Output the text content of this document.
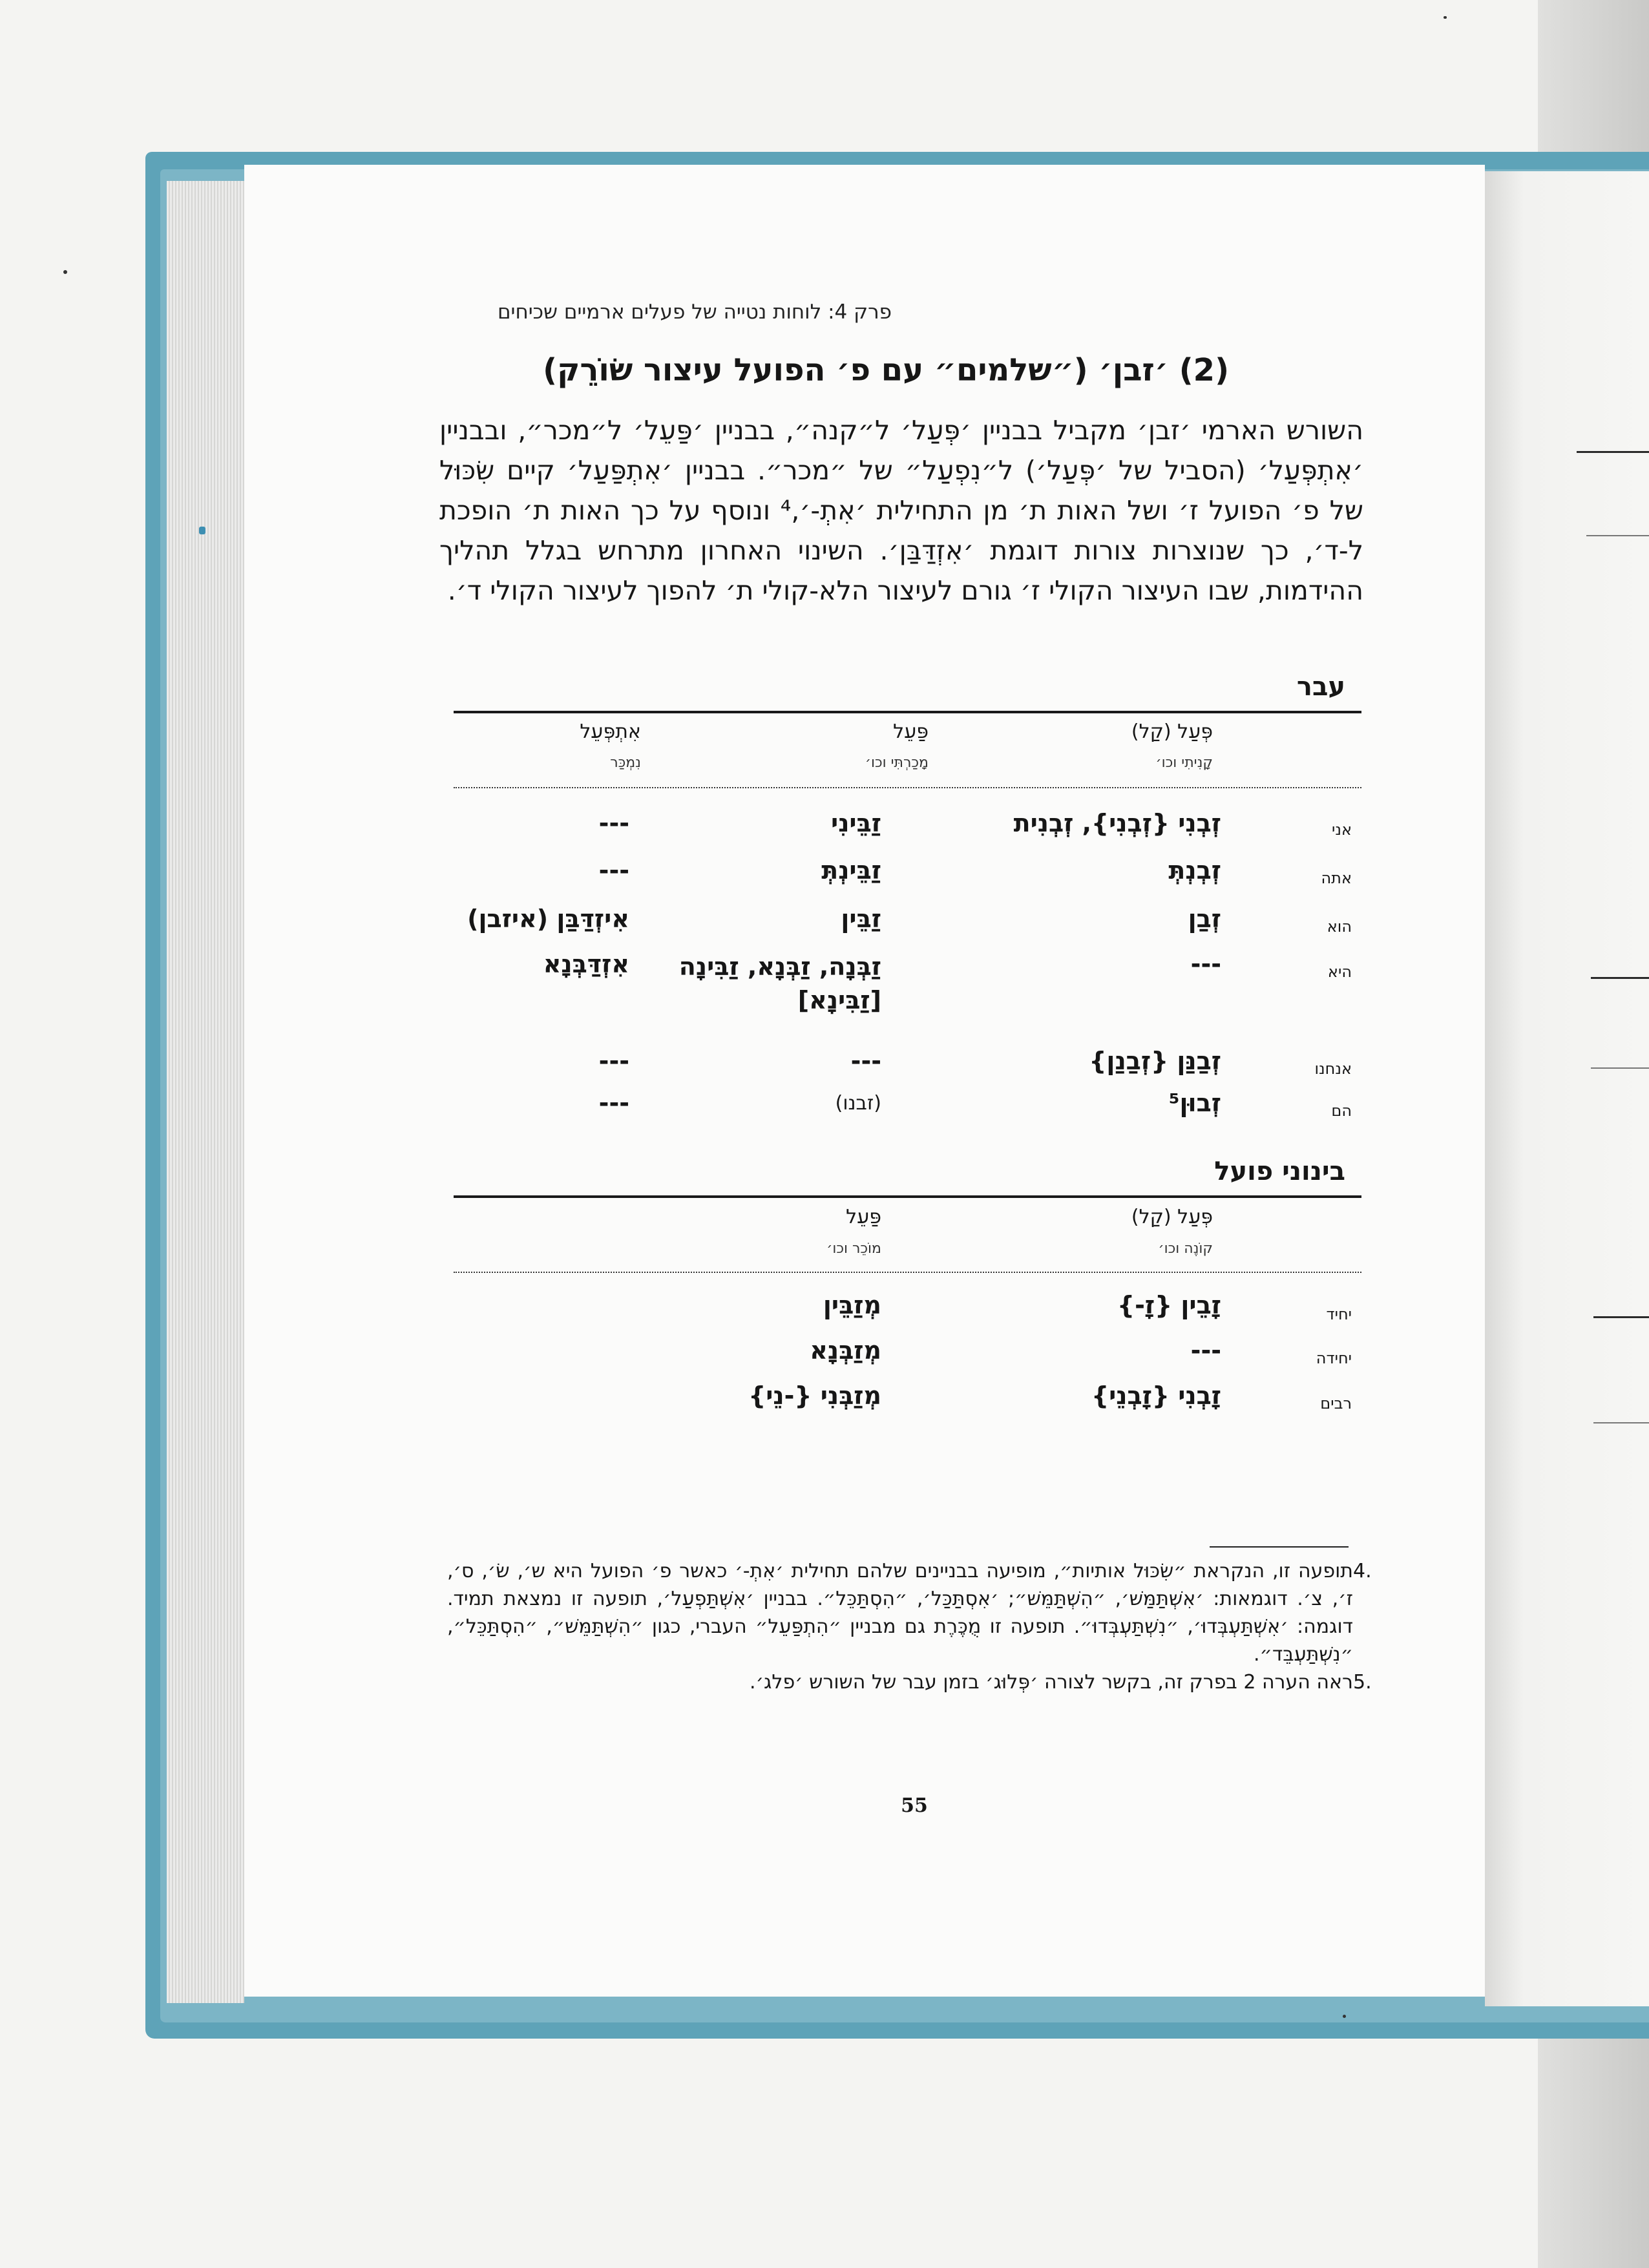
פרק 4: לוחות נטייה של פעלים ארמיים שכיחים
(2) ׳זבן׳ (״שלמים״ עם פ׳ הפועל עיצור שׂוֹרֵק)

השורש הארמי ׳זבן׳ מקביל בבניין ׳פְּעַל׳ ל״קנה״, בבניין ׳פַּעֵל׳ ל״מכר״, ובבניין ׳אִתְפְּעַל׳ (הסביל של ׳פְּעַל׳) ל״נִפְעַל״ של ״מכר״. בבניין ׳אִתְפַּעַל׳ קיים שִׂכּוּל של פ׳ הפועל ז׳ ושל האות ת׳ מן התחילית ׳אִתְ-׳,⁴ ונוסף על כך האות ת׳ הופכת ל-ד׳, כך שנוצרות צורות דוגמת ׳אִזְדַּבַּן׳. השינוי האחרון מתרחש בגלל תהליך ההידמות, שבו העיצור הקולי ז׳ גורם לעיצור הלא-קולי ת׳ להפוך לעיצור הקולי ד׳.

עבר
פְּעַל (קַל)
קָנִיתִי וכו׳
פַּעֵל
מָכַרְתִּי וכו׳
אִתְפְּעֵל
נִמְכַּר
אני
זְבְנִי {זְבְנִי}, זְבְנִית
זַבֵּינִי
---
אתה
זְבְנְתְּ
זַבֵּינְתְּ
---
הוא
זְבַן
זַבֵּין
אִיזְדַּבַּן (איזבן)
היא
---
זַבְּנָה, זַבְּנָא, זַבִּינָה [זַבִּינָא]
אִזְדַּבְּנָא
אנחנו
זְבַנַּן {זְבַנַן}
---
---
הם
זְבוּן⁵
(זבנו)
---
בינוני פועל
פְּעַל (קַל)
קוֹנֶה וכו׳
פַּעֵל
מוֹכֵר וכו׳
יחיד
זָבֵין {זָ-}
מְזַבֵּין
יחידה
---
מְזַבְּנָא
רבים
זָבְנִי {זָבְנֵי}
מְזַבְּנִי {-נֵי}
4.
תופעה זו, הנקראת ״שִׂכּוּל אותיות״, מופיעה בבניינים שלהם תחילית ׳אִתְ-׳ כאשר פ׳ הפועל היא ש׳, שׂ׳, ס׳, ז׳, צ׳. דוגמאות: ׳אִשְׁתַּמַּשׁ׳, ״הִשְׁתַּמֵּשׁ״; ׳אִסְתַּכַּל׳, ״הִסְתַּכֵּל״. בבניין ׳אִשְׁתַּפְעַל׳, תופעה זו נמצאת תמיד. דוגמה: ׳אִשְׁתַּעְבְּדוּ׳, ״נִשְׁתַּעְבְּדוּ״. תופעה זו מֻכֶּרֶת גם מבניין ״הִתְפַּעֵל״ העברי, כגון ״הִשְׁתַּמֵּשׁ״, ״הִסְתַּכֵּל״, ״נִשְׁתַּעְבֵּד״.
5.
ראה הערה 2 בפרק זה, בקשר לצורה ׳פְּלוּג׳ בזמן עבר של השורש ׳פלג׳.
55
